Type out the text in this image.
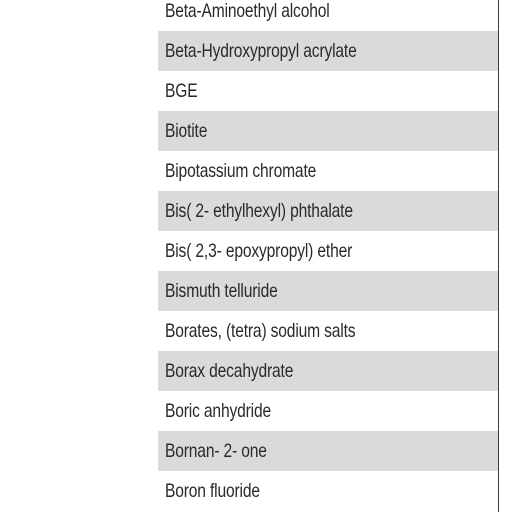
Beta-Aminoethyl alcohol
Beta-Hydroxypropyl acrylate
BGE
Biotite
Bipotassium chromate
Bis( 2- ethylhexyl) phthalate
Bis( 2,3- epoxypropyl) ether
Bismuth telluride
Borates, (tetra) sodium salts
Borax decahydrate
Boric anhydride
Bornan- 2- one
Boron fluoride
